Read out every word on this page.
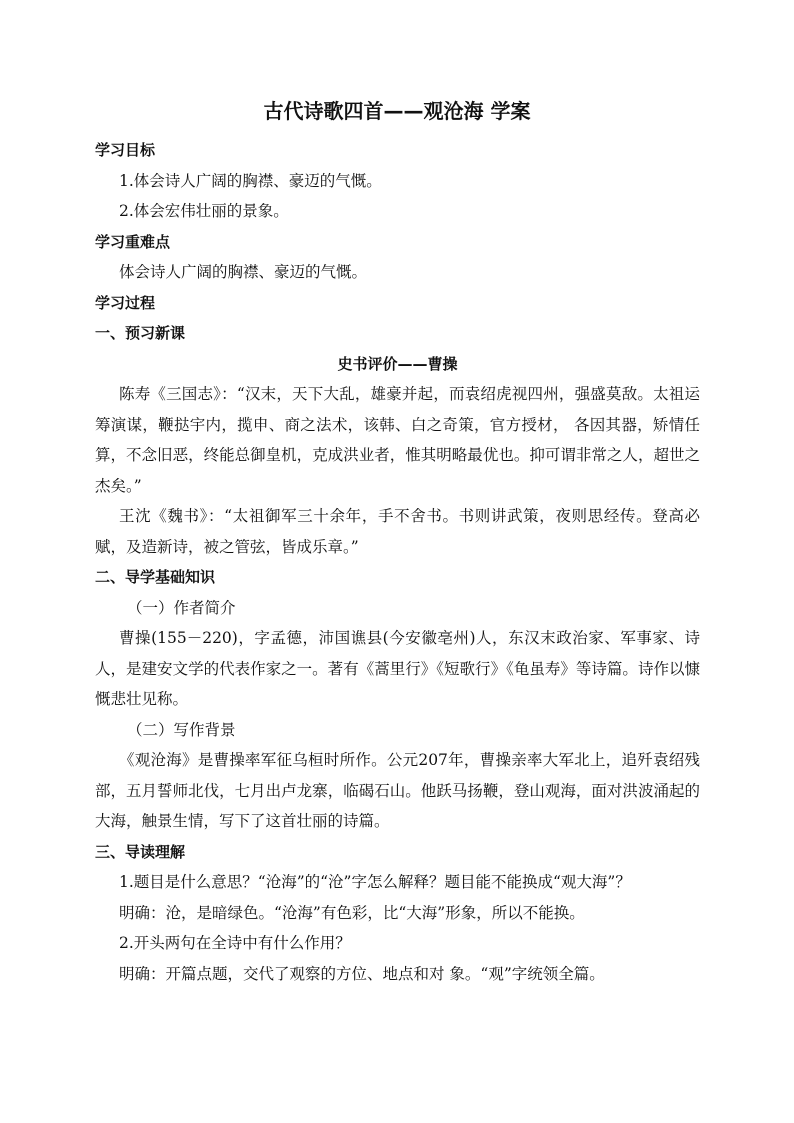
古代诗歌四首——观沧海 学案

学习目标

1.体会诗人广阔的胸襟、豪迈的气慨。

2.体会宏伟壮丽的景象。

学习重难点

体会诗人广阔的胸襟、豪迈的气慨。

学习过程

一、预习新课

史书评价——曹操

陈寿《三国志》：“汉末，天下大乱，雄豪并起，而袁绍虎视四州，强盛莫敌。太祖运筹演谋，鞭挞宇内，揽申、商之法术，该韩、白之奇策，官方授材， 各因其器，矫情任算，不念旧恶，终能总御皇机，克成洪业者，惟其明略最优也。抑可谓非常之人，超世之杰矣。”

王沈《魏书》：“太祖御军三十余年，手不舍书。书则讲武策，夜则思经传。登高必赋，及造新诗，被之管弦，皆成乐章。”

二、导学基础知识

（一）作者简介

曹操(155－220)，字孟德，沛国谯县(今安徽亳州)人，东汉末政治家、军事家、诗人，是建安文学的代表作家之一。著有《蒿里行》《短歌行》《龟虽寿》等诗篇。诗作以慷慨悲壮见称。

（二）写作背景

《观沧海》是曹操率军征乌桓时所作。公元207年，曹操亲率大军北上，追歼袁绍残部，五月誓师北伐，七月出卢龙寨，临碣石山。他跃马扬鞭，登山观海，面对洪波涌起的大海，触景生情，写下了这首壮丽的诗篇。

三、导读理解

1.题目是什么意思？“沧海”的“沧”字怎么解释？题目能不能换成“观大海”？

明确：沧，是暗绿色。“沧海”有色彩，比“大海”形象，所以不能换。

2.开头两句在全诗中有什么作用？

明确：开篇点题，交代了观察的方位、地点和对 象。“观”字统领全篇。
